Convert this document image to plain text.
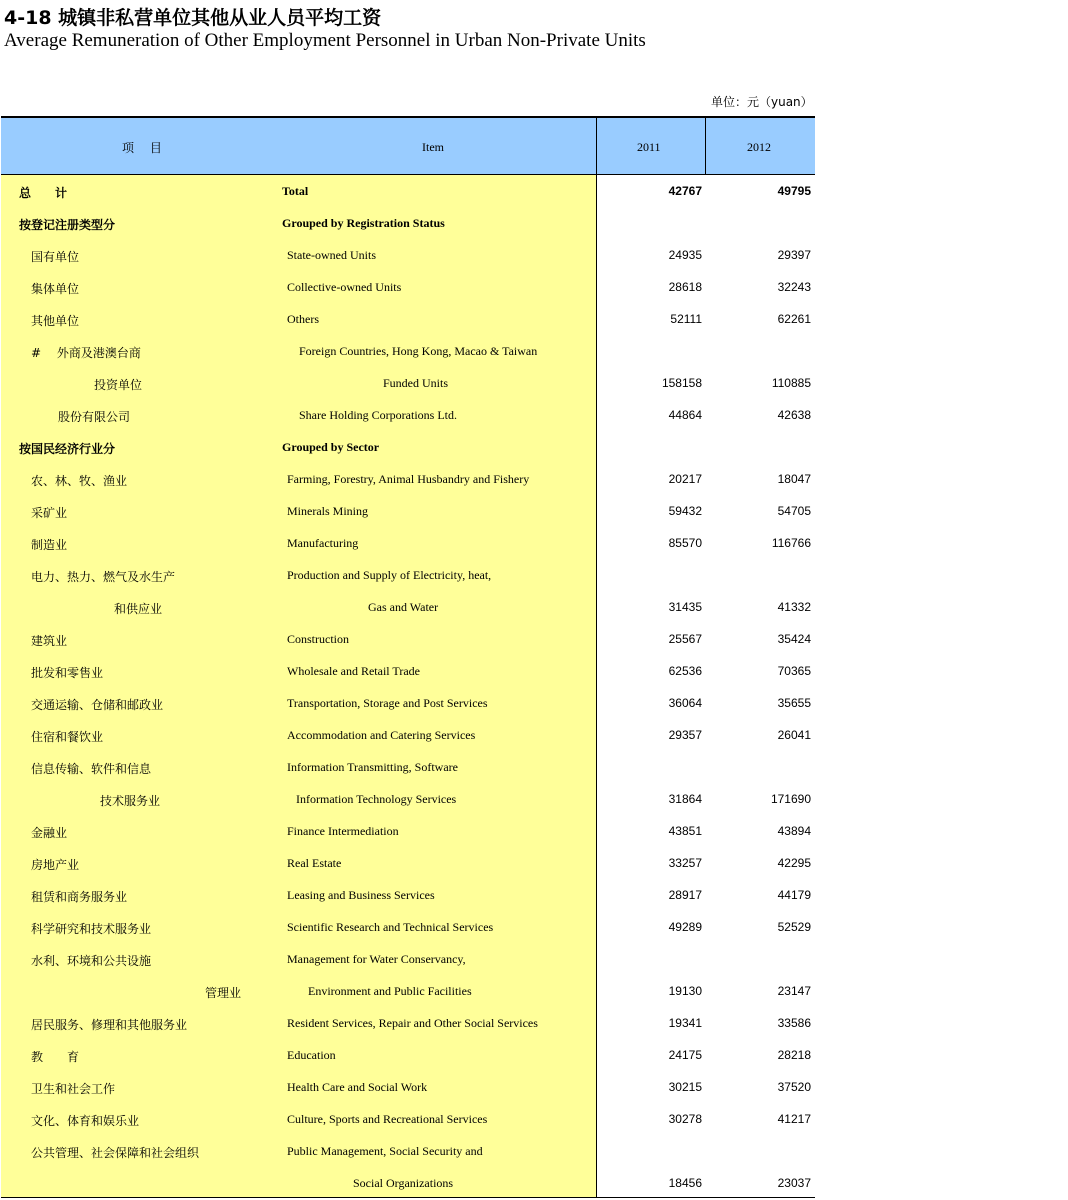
4-18 城镇非私营单位其他从业人员平均工资
Average Remuneration of Other Employment Personnel in Urban Non-Private Units
单位：元（yuan）
项 目	Item	2011	2012
总　　计	Total	42767	49795
按登记注册类型分	Grouped by Registration Status
国有单位	State-owned Units	24935	29397
集体单位	Collective-owned Units	28618	32243
其他单位	Others	52111	62261
#　 外商及港澳台商	Foreign Countries, Hong Kong, Macao & Taiwan
投资单位	Funded Units	158158	110885
股份有限公司	Share Holding Corporations Ltd.	44864	42638
按国民经济行业分	Grouped by Sector
农、林、牧、渔业	Farming, Forestry, Animal Husbandry and Fishery	20217	18047
采矿业	Minerals Mining	59432	54705
制造业	Manufacturing	85570	116766
电力、热力、燃气及水生产	Production and Supply of Electricity, heat,
和供应业	Gas and Water	31435	41332
建筑业	Construction	25567	35424
批发和零售业	Wholesale and Retail Trade	62536	70365
交通运输、仓储和邮政业	Transportation, Storage and Post Services	36064	35655
住宿和餐饮业	Accommodation and Catering Services	29357	26041
信息传输、软件和信息	Information Transmitting, Software
技术服务业	Information Technology Services	31864	171690
金融业	Finance Intermediation	43851	43894
房地产业	Real Estate	33257	42295
租赁和商务服务业	Leasing and Business Services	28917	44179
科学研究和技术服务业	Scientific Research and Technical Services	49289	52529
水利、环境和公共设施	Management for Water Conservancy,
管理业	Environment and Public Facilities	19130	23147
居民服务、修理和其他服务业	Resident Services, Repair and Other Social Services	19341	33586
教　　育	Education	24175	28218
卫生和社会工作	Health Care and Social Work	30215	37520
文化、体育和娱乐业	Culture, Sports and Recreational Services	30278	41217
公共管理、社会保障和社会组织	Public Management, Social Security and
Social Organizations	18456	23037
